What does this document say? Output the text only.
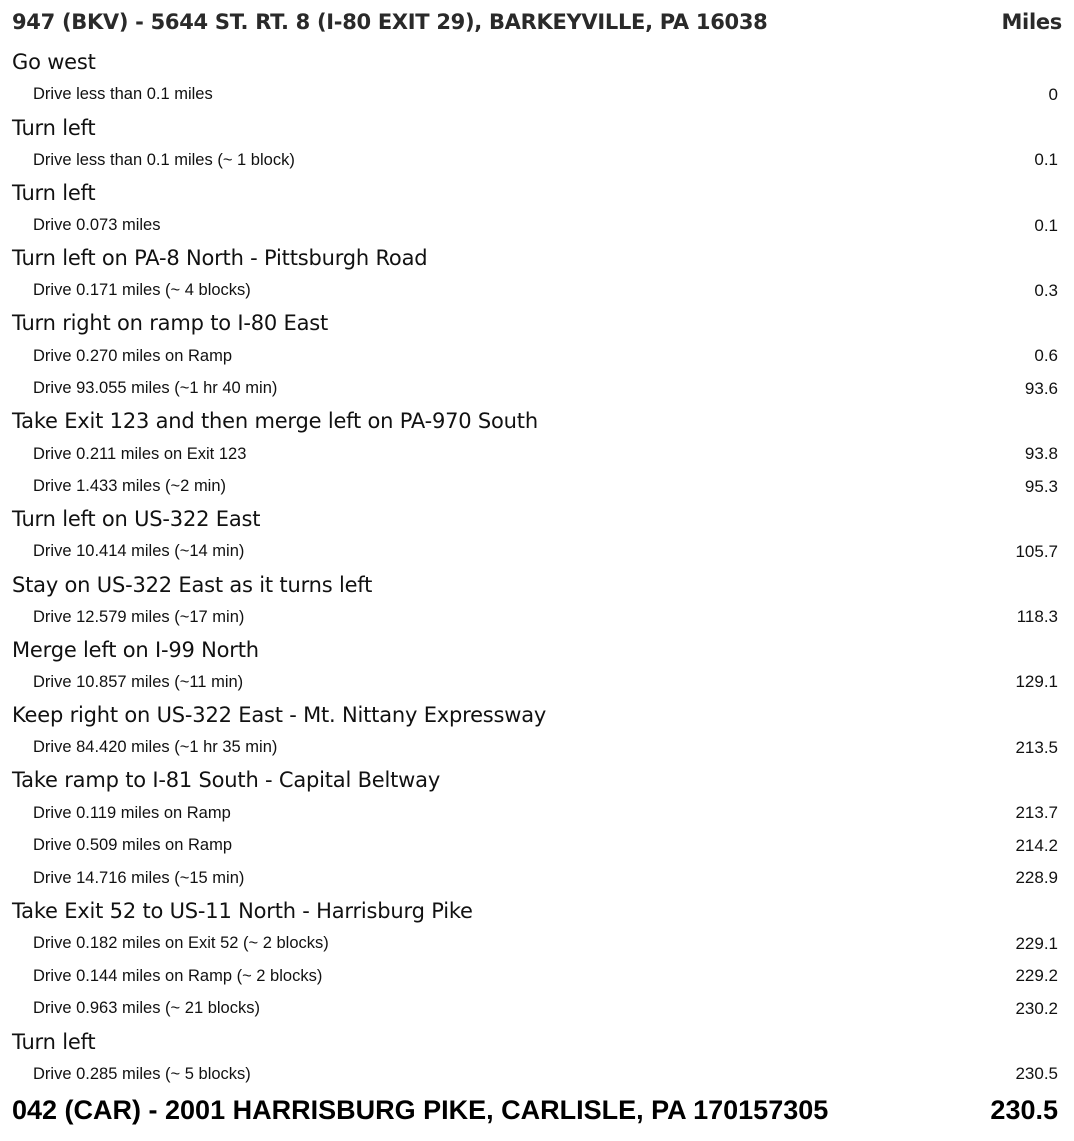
947 (BKV) - 5644 ST. RT. 8 (I-80 EXIT 29), BARKEYVILLE, PA 16038	Miles
Go west
Drive less than 0.1 miles	0
Turn left
Drive less than 0.1 miles (~ 1 block)	0.1
Turn left
Drive 0.073 miles	0.1
Turn left on PA-8 North - Pittsburgh Road
Drive 0.171 miles (~ 4 blocks)	0.3
Turn right on ramp to I-80 East
Drive 0.270 miles on Ramp	0.6
Drive 93.055 miles (~1 hr 40 min)	93.6
Take Exit 123 and then merge left on PA-970 South
Drive 0.211 miles on Exit 123	93.8
Drive 1.433 miles (~2 min)	95.3
Turn left on US-322 East
Drive 10.414 miles (~14 min)	105.7
Stay on US-322 East as it turns left
Drive 12.579 miles (~17 min)	118.3
Merge left on I-99 North
Drive 10.857 miles (~11 min)	129.1
Keep right on US-322 East - Mt. Nittany Expressway
Drive 84.420 miles (~1 hr 35 min)	213.5
Take ramp to I-81 South - Capital Beltway
Drive 0.119 miles on Ramp	213.7
Drive 0.509 miles on Ramp	214.2
Drive 14.716 miles (~15 min)	228.9
Take Exit 52 to US-11 North - Harrisburg Pike
Drive 0.182 miles on Exit 52 (~ 2 blocks)	229.1
Drive 0.144 miles on Ramp (~ 2 blocks)	229.2
Drive 0.963 miles (~ 21 blocks)	230.2
Turn left
Drive 0.285 miles (~ 5 blocks)	230.5
042 (CAR) - 2001 HARRISBURG PIKE, CARLISLE, PA 170157305	230.5
